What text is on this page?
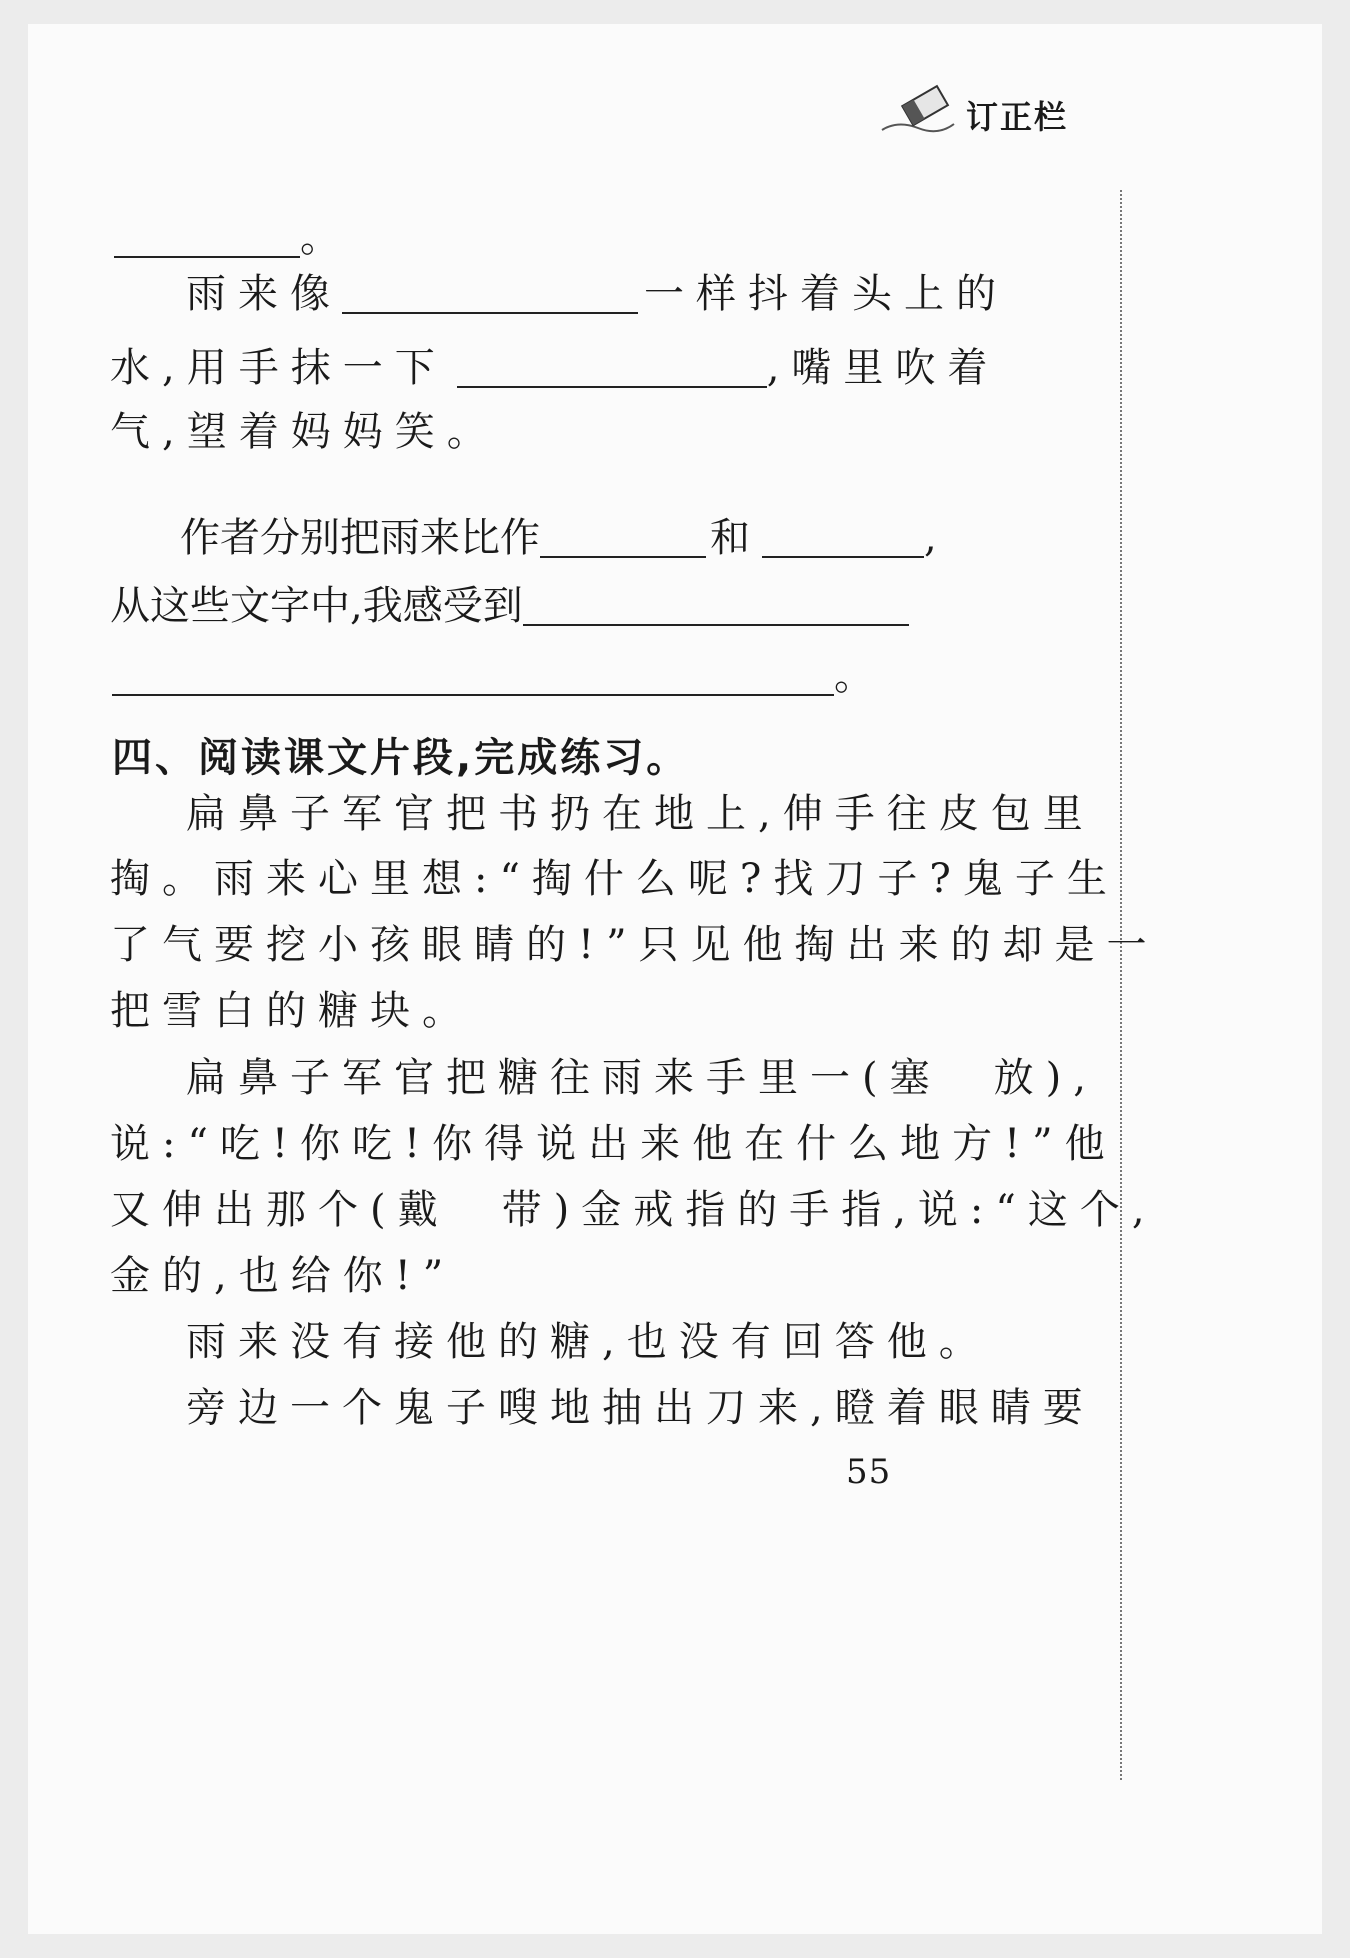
订正栏
。
雨来像	一样抖着头上的
水,用手抹一下	,嘴里吹着
气,望着妈妈笑。
作者分别把雨来比作	和	,
从这些文字中,我感受到
。
四、阅读课文片段,完成练习。
扁鼻子军官把书扔在地上,伸手往皮包里
掏。雨来心里想:“掏什么呢?找刀子?鬼子生
了气要挖小孩眼睛的!”只见他掏出来的却是一
把雪白的糖块。
扁鼻子军官把糖往雨来手里一(塞　放),
说:“吃!你吃!你得说出来他在什么地方!”他
又伸出那个(戴　带)金戒指的手指,说:“这个,
金的,也给你!”
雨来没有接他的糖,也没有回答他。
旁边一个鬼子嗖地抽出刀来,瞪着眼睛要
55
